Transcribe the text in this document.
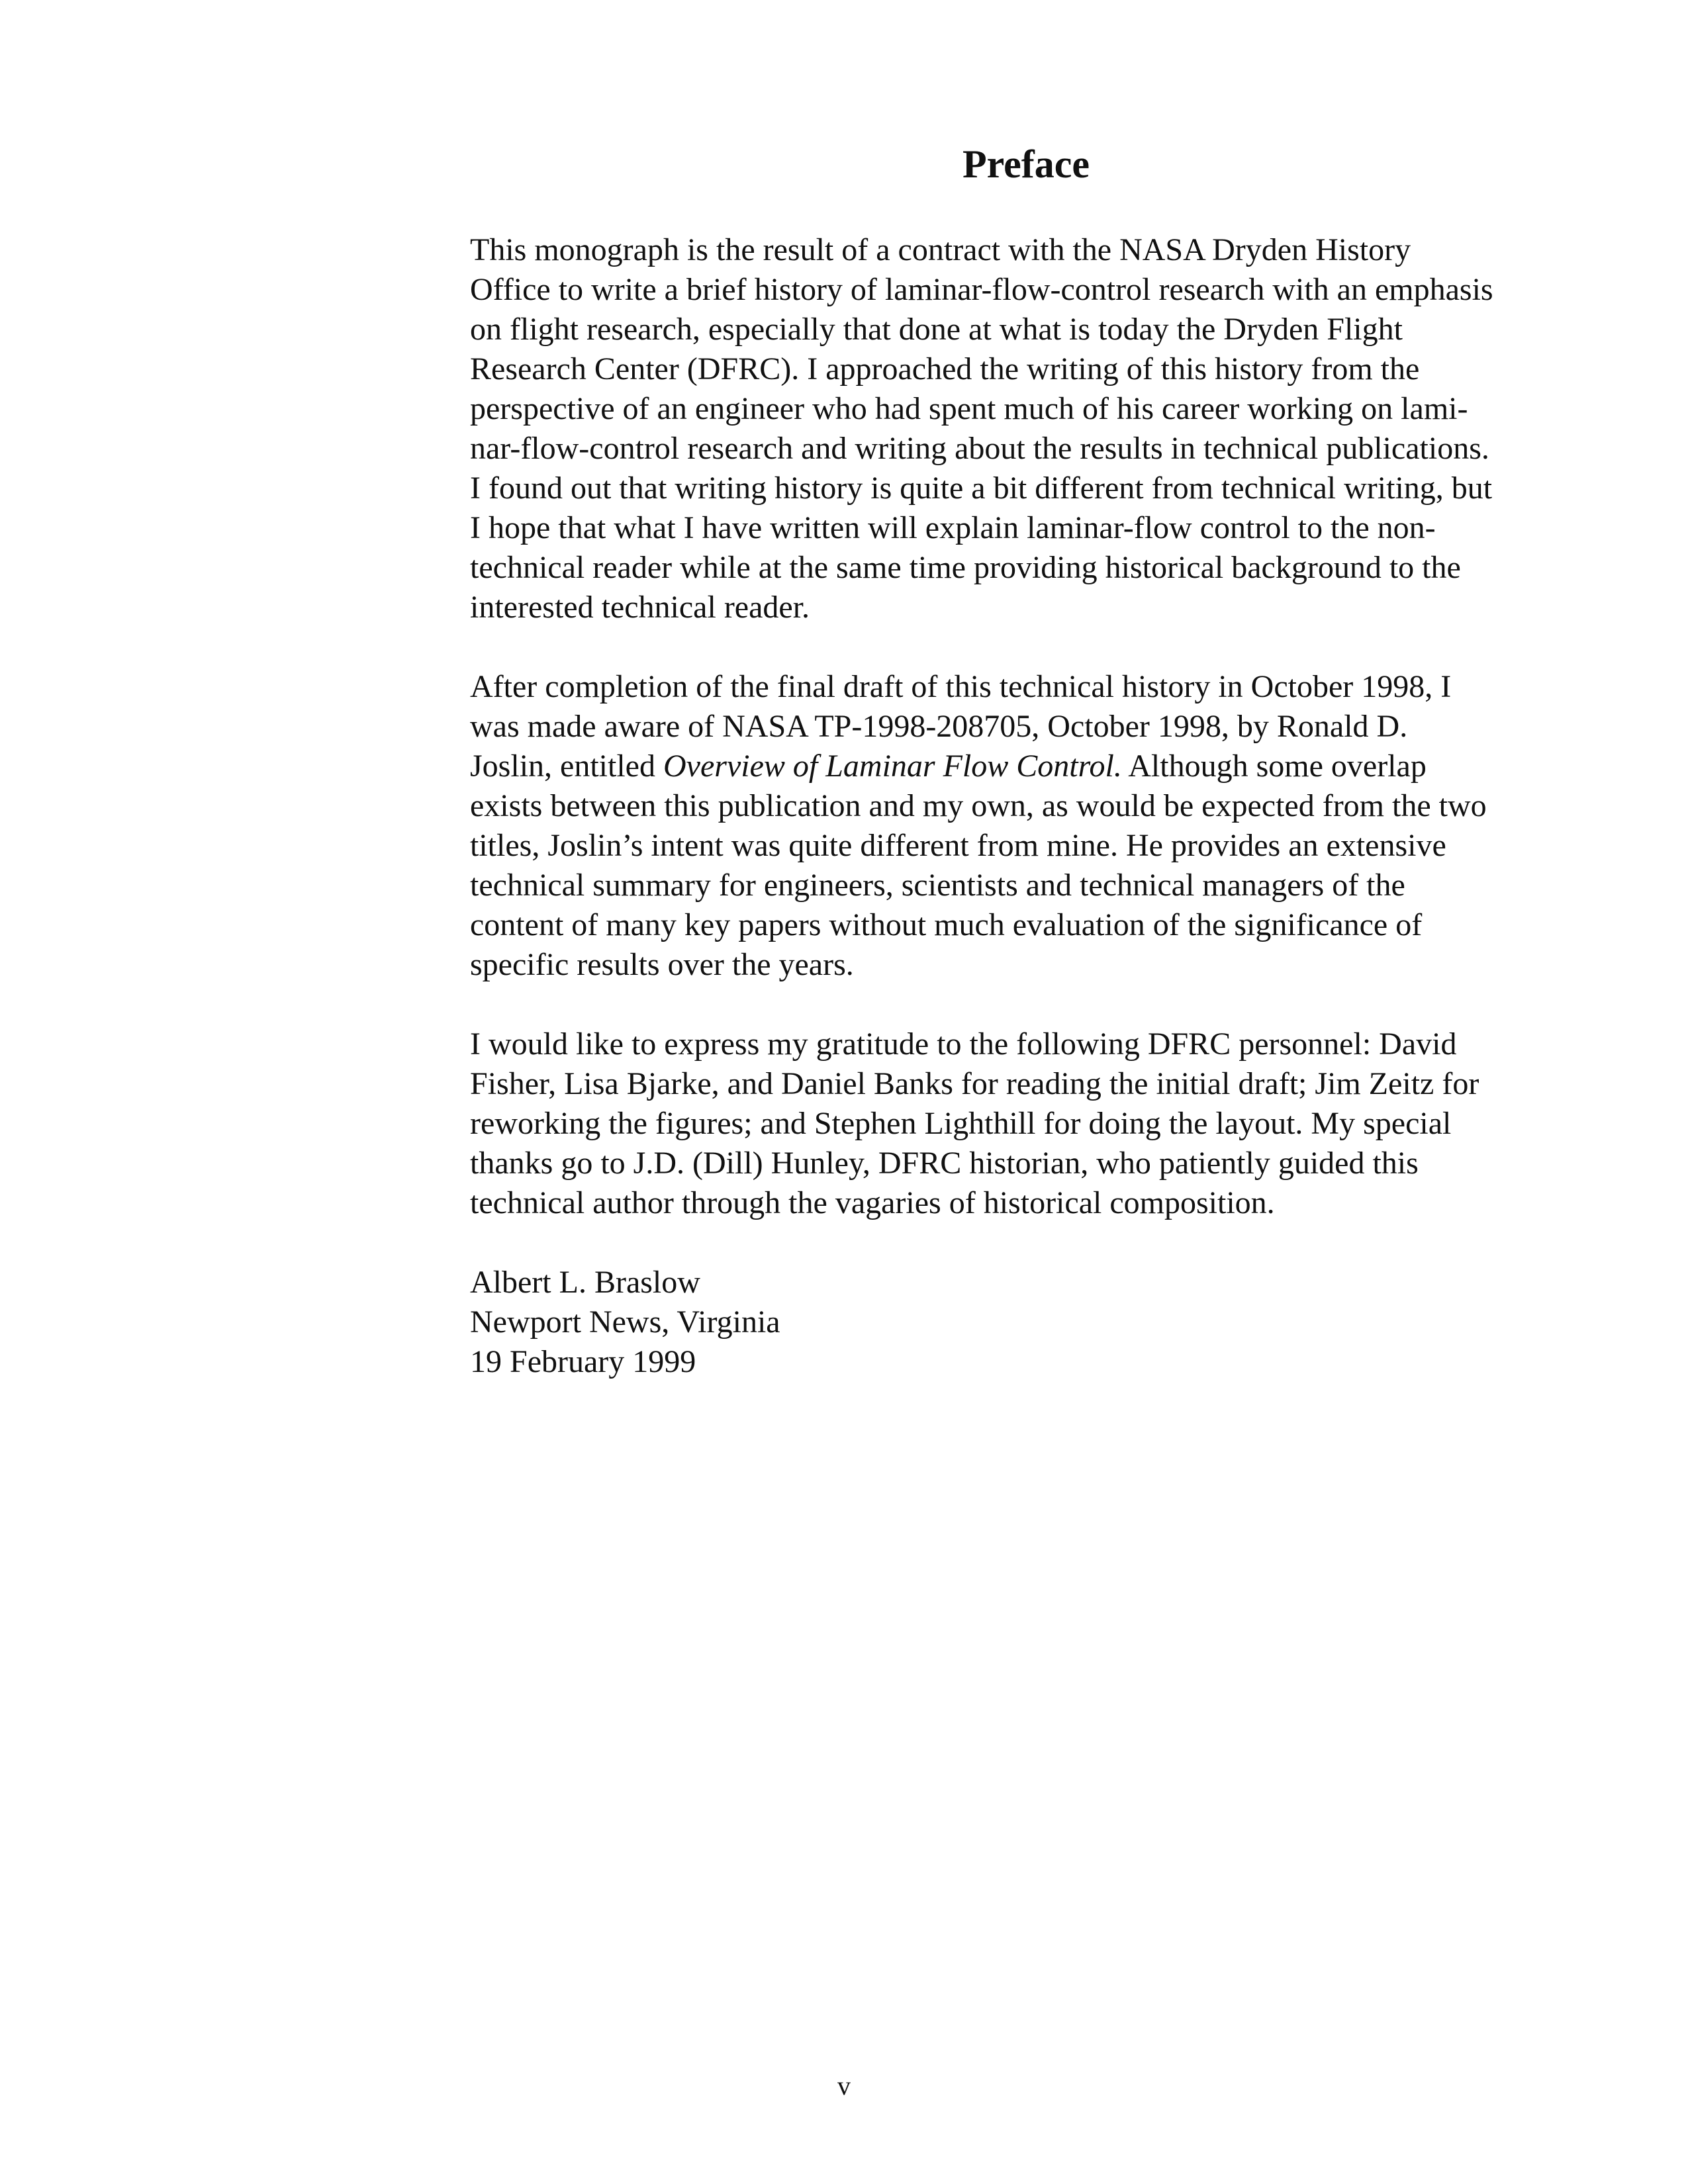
Preface

This monograph is the result of a contract with the NASA Dryden History
Office to write a brief history of laminar-flow-control research with an emphasis
on flight research, especially that done at what is today the Dryden Flight
Research Center (DFRC). I approached the writing of this history from the
perspective of an engineer who had spent much of his career working on lami-
nar-flow-control research and writing about the results in technical publications.
I found out that writing history is quite a bit different from technical writing, but
I hope that what I have written will explain laminar-flow control to the non-
technical reader while at the same time providing historical background to the
interested technical reader.

After completion of the final draft of this technical history in October 1998, I
was made aware of NASA TP-1998-208705, October 1998, by Ronald D.
Joslin, entitled Overview of Laminar Flow Control. Although some overlap
exists between this publication and my own, as would be expected from the two
titles, Joslin’s intent was quite different from mine. He provides an extensive
technical summary for engineers, scientists and technical managers of the
content of many key papers without much evaluation of the significance of
specific results over the years.

I would like to express my gratitude to the following DFRC personnel: David
Fisher, Lisa Bjarke, and Daniel Banks for reading the initial draft; Jim Zeitz for
reworking the figures; and Stephen Lighthill for doing the layout. My special
thanks go to J.D. (Dill) Hunley, DFRC historian, who patiently guided this
technical author through the vagaries of historical composition.

Albert L. Braslow
Newport News, Virginia
19 February 1999

v
